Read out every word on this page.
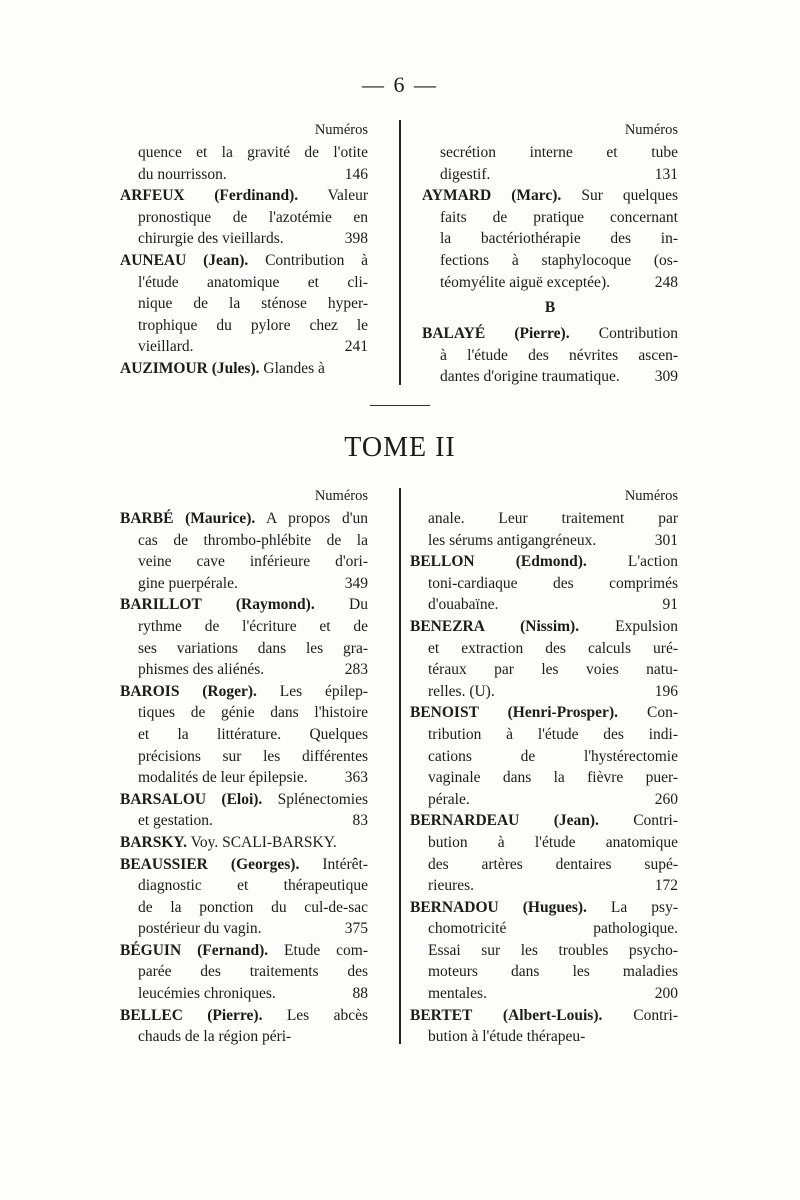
— 6 —
Numéros
quence et la gravité de l'otite
du nourrisson.	146
ARFEUX (Ferdinand). Valeur
pronostique de l'azotémie en
chirurgie des vieillards.	398
AUNEAU (Jean). Contribution à
l'étude anatomique et cli-
nique de la sténose hyper-
trophique du pylore chez le
vieillard.	241
AUZIMOUR (Jules). Glandes à
Numéros
secrétion interne et tube
digestif.	131
AYMARD (Marc). Sur quelques
faits de pratique concernant
la bactériothérapie des in-
fections à staphylocoque (os-
téomyélite aiguë exceptée).	248
B
BALAYÉ (Pierre). Contribution
à l'étude des névrites ascen-
dantes d'origine traumatique.	309
TOME II
Numéros
BARBÉ (Maurice). A propos d'un
cas de thrombo-phlébite de la
veine cave inférieure d'ori-
gine puerpérale.	349
BARILLOT (Raymond). Du
rythme de l'écriture et de
ses variations dans les gra-
phismes des aliénés.	283
BAROIS (Roger). Les épilep-
tiques de génie dans l'histoire
et la littérature. Quelques
précisions sur les différentes
modalités de leur épilepsie.	363
BARSALOU (Eloi). Splénectomies
et gestation.	83
BARSKY. Voy. SCALI-BARSKY.
BEAUSSIER (Georges). Intérêt-
diagnostic et thérapeutique
de la ponction du cul-de-sac
postérieur du vagin.	375
BÉGUIN (Fernand). Etude com-
parée des traitements des
leucémies chroniques.	88
BELLEC (Pierre). Les abcès
chauds de la région péri-
Numéros
anale. Leur traitement par
les sérums antigangréneux.	301
BELLON (Edmond). L'action
toni-cardiaque des comprimés
d'ouabaïne.	91
BENEZRA (Nissim). Expulsion
et extraction des calculs uré-
téraux par les voies natu-
relles. (U).	196
BENOIST (Henri-Prosper). Con-
tribution à l'étude des indi-
cations de l'hystérectomie
vaginale dans la fièvre puer-
pérale.	260
BERNARDEAU (Jean). Contri-
bution à l'étude anatomique
des artères dentaires supé-
rieures.	172
BERNADOU (Hugues). La psy-
chomotricité pathologique.
Essai sur les troubles psycho-
moteurs dans les maladies
mentales.	200
BERTET (Albert-Louis). Contri-
bution à l'étude thérapeu-
